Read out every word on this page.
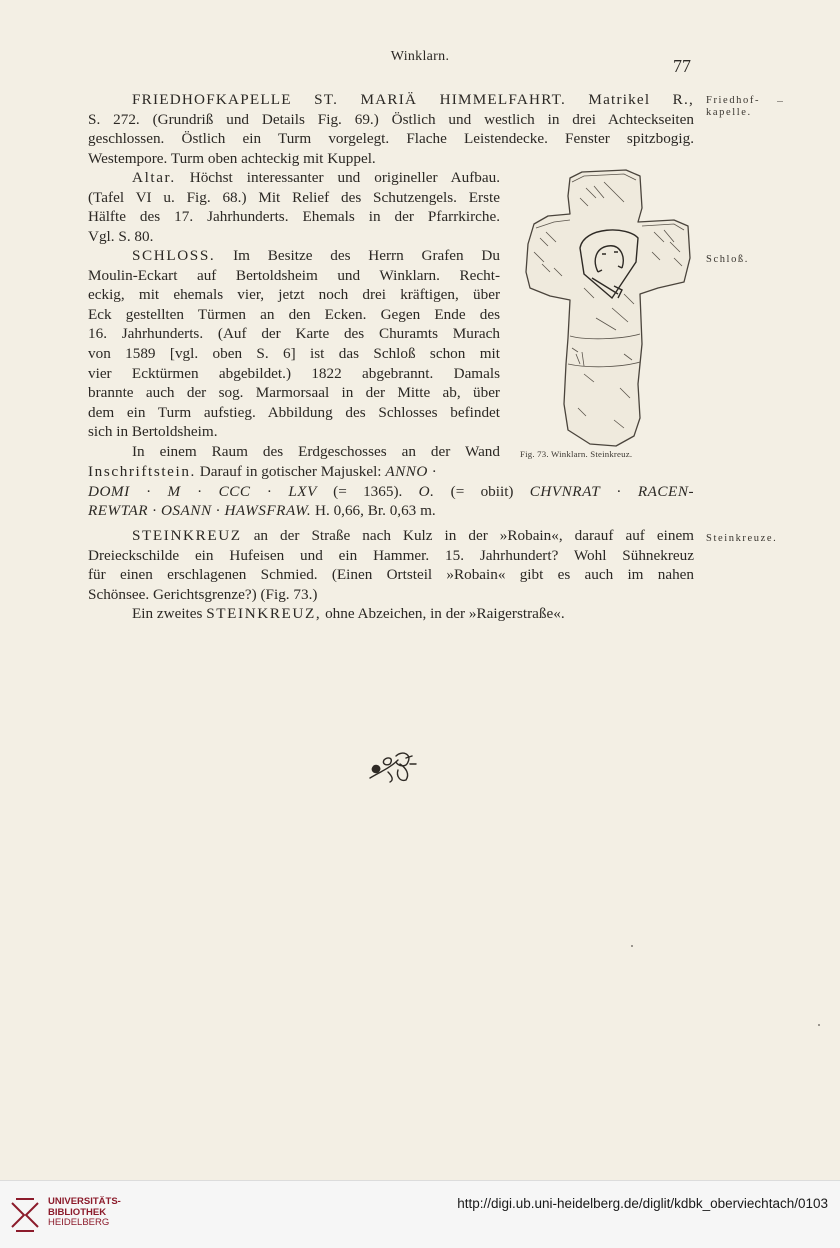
Winklarn.	77
Friedhof-
kapelle.
Schloß.
Steinkreuze.

FRIEDHOFKAPELLE ST. MARIÄ HIMMELFAHRT. Matrikel R.,

S. 272. (Grundriß und Details Fig. 69.) Östlich und westlich in drei Achteckseiten

geschlossen. Östlich ein Turm vorgelegt. Flache Leistendecke. Fenster spitzbogig.

Westempore. Turm oben achteckig mit Kuppel.

Altar. Höchst interessanter und origineller Aufbau.

(Tafel VI u. Fig. 68.) Mit Relief des Schutzengels. Erste

Hälfte des 17. Jahrhunderts. Ehemals in der Pfarrkirche.

Vgl. S. 80.

SCHLOSS. Im Besitze des Herrn Grafen Du

Moulin-Eckart auf Bertoldsheim und Winklarn. Recht-

eckig, mit ehemals vier, jetzt noch drei kräftigen, über

Eck gestellten Türmen an den Ecken. Gegen Ende des

16. Jahrhunderts. (Auf der Karte des Churamts Murach

von 1589 [vgl. oben S. 6] ist das Schloß schon mit

vier Ecktürmen abgebildet.) 1822 abgebrannt. Damals

brannte auch der sog. Marmorsaal in der Mitte ab, über

dem ein Turm aufstieg. Abbildung des Schlosses befindet

sich in Bertoldsheim.

In einem Raum des Erdgeschosses an der Wand

Inschriftstein. Darauf in gotischer Majuskel: ANNO ·

DOMI · M · CCC · LXV (= 1365). O. (= obiit) CHVNRAT · RACEN-

REWTAR · OSANN · HAWSFRAW. H. 0,66, Br. 0,63 m.

STEINKREUZ an der Straße nach Kulz in der »Robain«, darauf auf einem

Dreieckschilde ein Hufeisen und ein Hammer. 15. Jahrhundert? Wohl Sühnekreuz

für einen erschlagenen Schmied. (Einen Ortsteil »Robain« gibt es auch im nahen

Schönsee. Gerichtsgrenze?) (Fig. 73.)

Ein zweites STEINKREUZ, ohne Abzeichen, in der »Raigerstraße«.

Fig. 73. Winklarn. Steinkreuz.
UNIVERSITÄTS-
BIBLIOTHEK
HEIDELBERG
http://digi.ub.uni-heidelberg.de/diglit/kdbk_oberviechtach/0103
